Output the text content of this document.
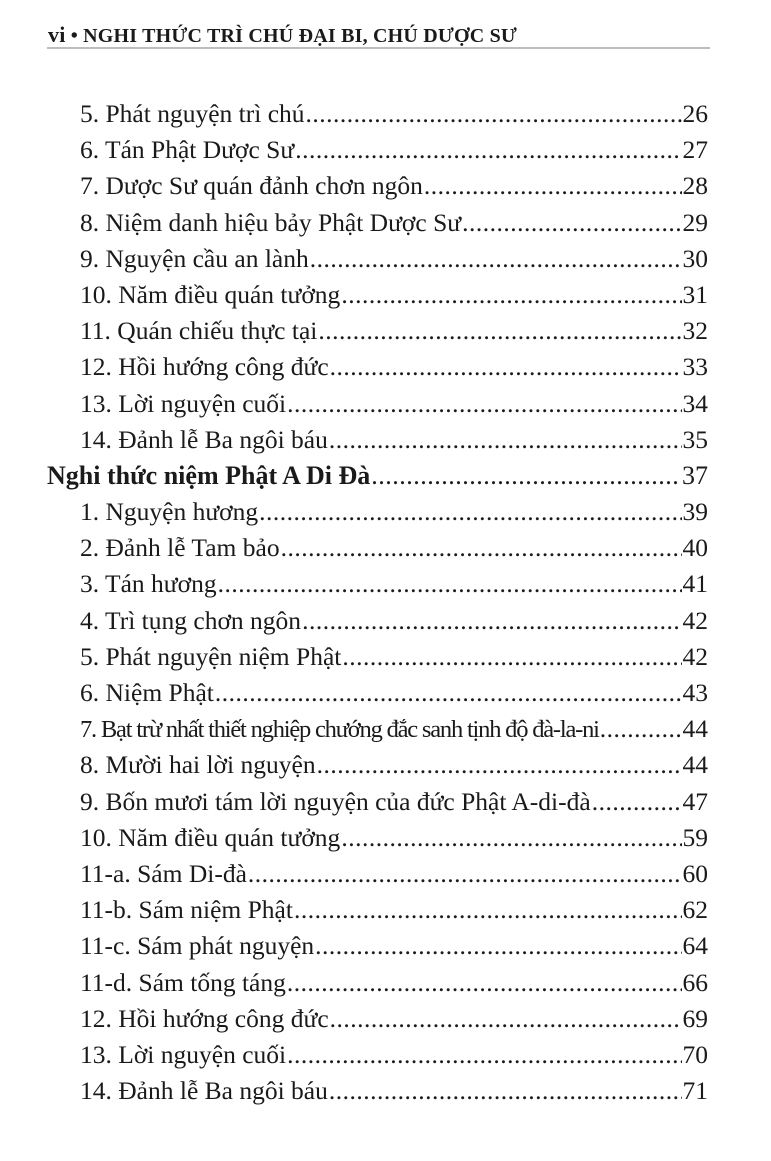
vi • NGHI THỨC TRÌ CHÚ ĐẠI BI, CHÚ DƯỢC SƯ
5. Phát nguyện trì chú .....	26
6. Tán Phật Dược Sư .....	27
7. Dược Sư quán đảnh chơn ngôn .....	28
8. Niệm danh hiệu bảy Phật Dược Sư .....	29
9. Nguyện cầu an lành .....	30
10. Năm điều quán tưởng .....	31
11. Quán chiếu thực tại .....	32
12. Hồi hướng công đức .....	33
13. Lời nguyện cuối .....	34
14. Đảnh lễ Ba ngôi báu .....	35
Nghi thức niệm Phật A Di Đà .....	37
1. Nguyện hương .....	39
2. Đảnh lễ Tam bảo .....	40
3. Tán hương .....	41
4. Trì tụng chơn ngôn .....	42
5. Phát nguyện niệm Phật .....	42
6. Niệm Phật .....	43
7. Bạt trừ nhất thiết nghiệp chướng đắc sanh tịnh độ đà-la-ni .....	44
8. Mười hai lời nguyện .....	44
9. Bốn mươi tám lời nguyện của đức Phật A-di-đà .....	47
10. Năm điều quán tưởng .....	59
11-a. Sám Di-đà .....	60
11-b. Sám niệm Phật .....	62
11-c. Sám phát nguyện .....	64
11-d. Sám tống táng .....	66
12. Hồi hướng công đức .....	69
13. Lời nguyện cuối .....	70
14. Đảnh lễ Ba ngôi báu .....	71
